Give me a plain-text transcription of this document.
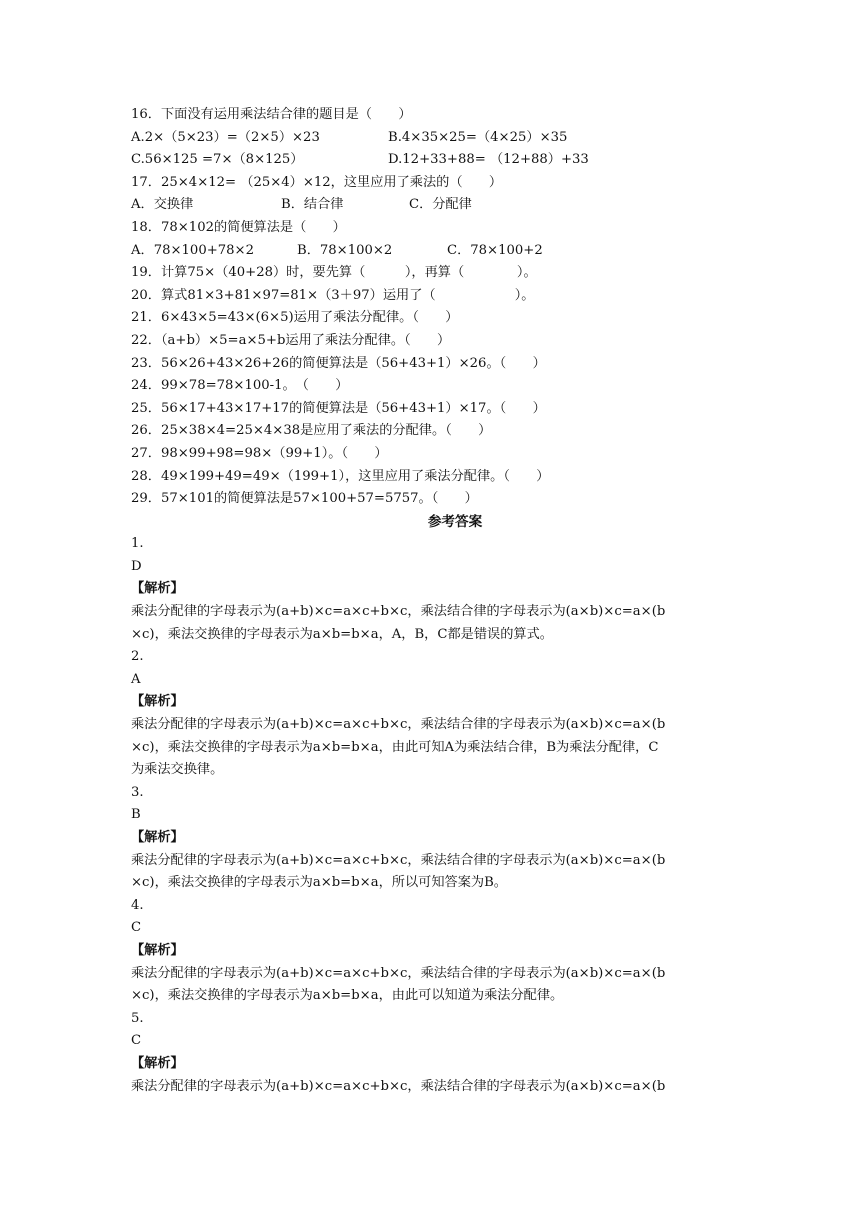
16．下面没有运用乘法结合律的题目是（　　）
A.2×（5×23）=（2×5）×23	B.4×35×25=（4×25）×35
C.56×125 =7×（8×125）	D.12+33+88= （12+88）+33
17．25×4×12= （25×4）×12，这里应用了乘法的（　　）
A．交换律	B．结合律	C．分配律
18．78×102的简便算法是（　　）
A．78×100+78×2	B．78×100×2	C．78×100+2
19．计算75×（40+28）时，要先算（　　　），再算（　　　　）。
20．算式81×3+81×97=81×（3＋97）运用了（　　　　　　）。
21．6×43×5=43×(6×5)运用了乘法分配律。（　　）
22．（a+b）×5=a×5+b运用了乘法分配律。（　　）
23．56×26+43×26+26的简便算法是（56+43+1）×26。（　　）
24．99×78=78×100-1。　（　　）
25．56×17+43×17+17的简便算法是（56+43+1）×17。（　　）
26．25×38×4=25×4×38是应用了乘法的分配律。（　　）
27．98×99+98=98×（99+1）。（　　）
28．49×199+49=49×（199+1），这里应用了乘法分配律。（　　）
29．57×101的简便算法是57×100+57=5757。（　　）
参考答案
1.
D
【解析】
乘法分配律的字母表示为(a+b)×c=a×c+b×c，乘法结合律的字母表示为(a×b)×c=a×(b
×c)，乘法交换律的字母表示为a×b=b×a，A，B，C都是错误的算式。
2.
A
【解析】
乘法分配律的字母表示为(a+b)×c=a×c+b×c，乘法结合律的字母表示为(a×b)×c=a×(b
×c)，乘法交换律的字母表示为a×b=b×a，由此可知A为乘法结合律，B为乘法分配律，C
为乘法交换律。
3.
B
【解析】
乘法分配律的字母表示为(a+b)×c=a×c+b×c，乘法结合律的字母表示为(a×b)×c=a×(b
×c)，乘法交换律的字母表示为a×b=b×a，所以可知答案为B。
4.
C
【解析】
乘法分配律的字母表示为(a+b)×c=a×c+b×c，乘法结合律的字母表示为(a×b)×c=a×(b
×c)，乘法交换律的字母表示为a×b=b×a，由此可以知道为乘法分配律。
5.
C
【解析】
乘法分配律的字母表示为(a+b)×c=a×c+b×c，乘法结合律的字母表示为(a×b)×c=a×(b
